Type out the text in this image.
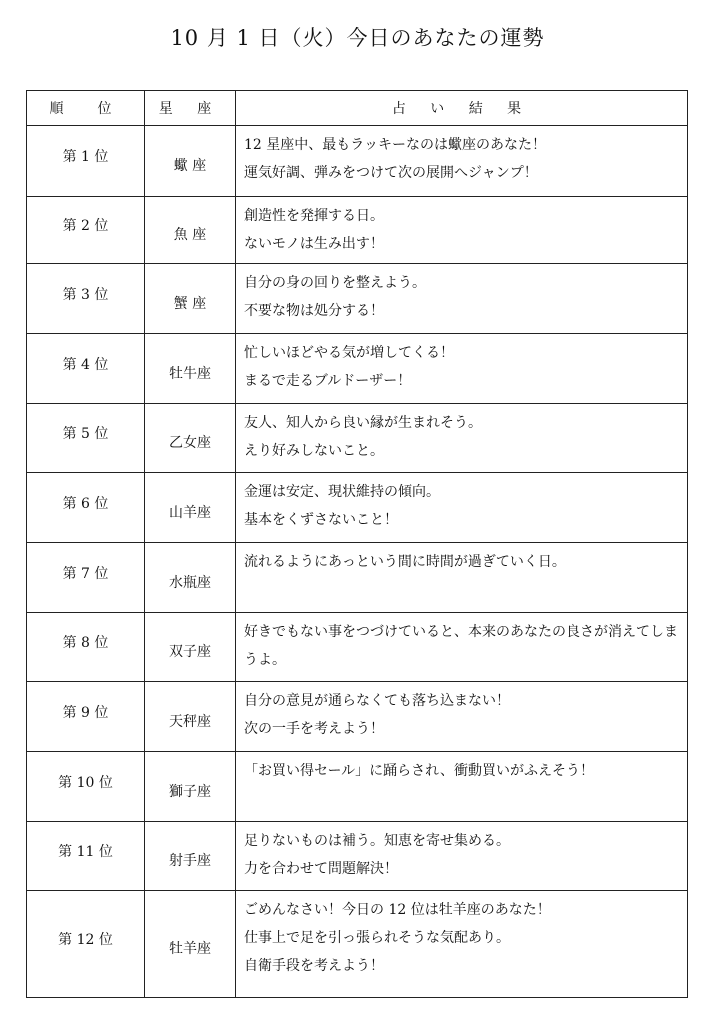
10 月 1 日（火）今日のあなたの運勢
順　位	星 座	占 い 結 果
第 1 位	蠍 座	12 星座中、最もラッキーなのは蠍座のあなた！
運気好調、弾みをつけて次の展開へジャンプ！

第 2 位	魚 座	創造性を発揮する日。
ないモノは生み出す！

第 3 位	蟹 座	自分の身の回りを整えよう。
不要な物は処分する！

第 4 位	牡牛座	忙しいほどやる気が増してくる！
まるで走るブルドーザー！

第 5 位	乙女座	友人、知人から良い縁が生まれそう。
えり好みしないこと。

第 6 位	山羊座	金運は安定、現状維持の傾向。
基本をくずさないこと！

第 7 位	水瓶座	流れるようにあっという間に時間が過ぎていく日。

第 8 位	双子座	好きでもない事をつづけていると、本来のあなたの良さが消えてしまうよ。

第 9 位	天秤座	自分の意見が通らなくても落ち込まない！
次の一手を考えよう！

第 10 位	獅子座	「お買い得セール」に踊らされ、衝動買いがふえそう！

第 11 位	射手座	足りないものは補う。知恵を寄せ集める。
力を合わせて問題解決！

第 12 位	牡羊座	ごめんなさい！今日の 12 位は牡羊座のあなた！
仕事上で足を引っ張られそうな気配あり。
自衛手段を考えよう！
